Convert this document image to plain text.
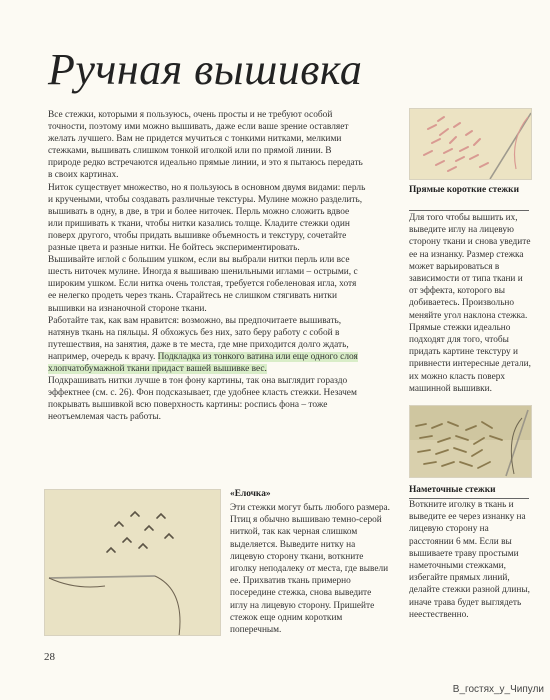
Ручная вышивка

Все стежки, которыми я пользуюсь, очень просты и не требуют особой точности, поэтому ими можно вышивать, даже если ваше зрение оставляет желать лучшего. Вам не придется мучиться с тонкими нитками, мелкими стежками, вышивать слишком тонкой иголкой или по прямой линии. В природе редко встречаются идеально прямые линии, и это я пытаюсь передать в своих картинах.

Ниток существует множество, но я пользуюсь в основном двумя видами: перль и кручеными, чтобы создавать различные текстуры. Мулине можно разделить, вышивать в одну, в две, в три и более ниточек. Перль можно сложить вдвое или пришивать к ткани, чтобы нитки казались толще. Кладите стежки один поверх другого, чтобы придать вышивке объемность и текстуру, сочетайте разные цвета и разные нитки. Не бойтесь экспериментировать.

Вышивайте иглой с большим ушком, если вы выбрали нитки перль или все шесть ниточек мулине. Иногда я вышиваю шенильными иглами – острыми, с широким ушком. Если нитка очень толстая, требуется гобеленовая игла, хотя ее нелегко продеть через ткань. Старайтесь не слишком стягивать нитки вышивки на изнаночной стороне ткани.

Работайте так, как вам нравится: возможно, вы предпочитаете вышивать, натянув ткань на пяльцы. Я обхожусь без них, зато беру работу с собой в путешествия, на занятия, даже в те места, где мне приходится долго ждать, например, очередь к врачу. Подкладка из тонкого ватина или еще одного слоя хлопчатобумажной ткани придаст вашей вышивке вес.

Подкрашивать нитки лучше в тон фону картины, так она выглядит гораздо эффектнее (см. с. 26). Фон подсказывает, где удобнее класть стежки. Незачем покрывать вышивкой всю поверхность картины: роспись фона – тоже неотъемлемая часть работы.

Прямые короткие стежки
Для того чтобы вышить их, выведите иглу на лицевую сторону ткани и снова уведите ее на изнанку. Размер стежка может варьироваться в зависимости от типа ткани и от эффекта, которого вы добиваетесь. Произвольно меняйте угол наклона стежка. Прямые стежки идеально подходят для того, чтобы придать картине текстуру и привнести интересные детали, их можно класть поверх машинной вышивки.
Наметочные стежки
Воткните иголку в ткань и выведите ее через изнанку на лицевую сторону на расстоянии 6 мм. Если вы вышиваете траву простыми наметочными стежками, избегайте прямых линий, делайте стежки разной длины, иначе трава будет выглядеть неестественно.
«Елочка»
Эти стежки могут быть любого размера. Птиц я обычно вышиваю темно-серой ниткой, так как черная слишком выделяется. Выведите нитку на лицевую сторону ткани, воткните иголку неподалеку от места, где вывели ее. Прихватив ткань примерно посередине стежка, снова выведите иглу на лицевую сторону. Пришейте стежок еще одним коротким поперечным.
28
В_гостях_у_Чипули
